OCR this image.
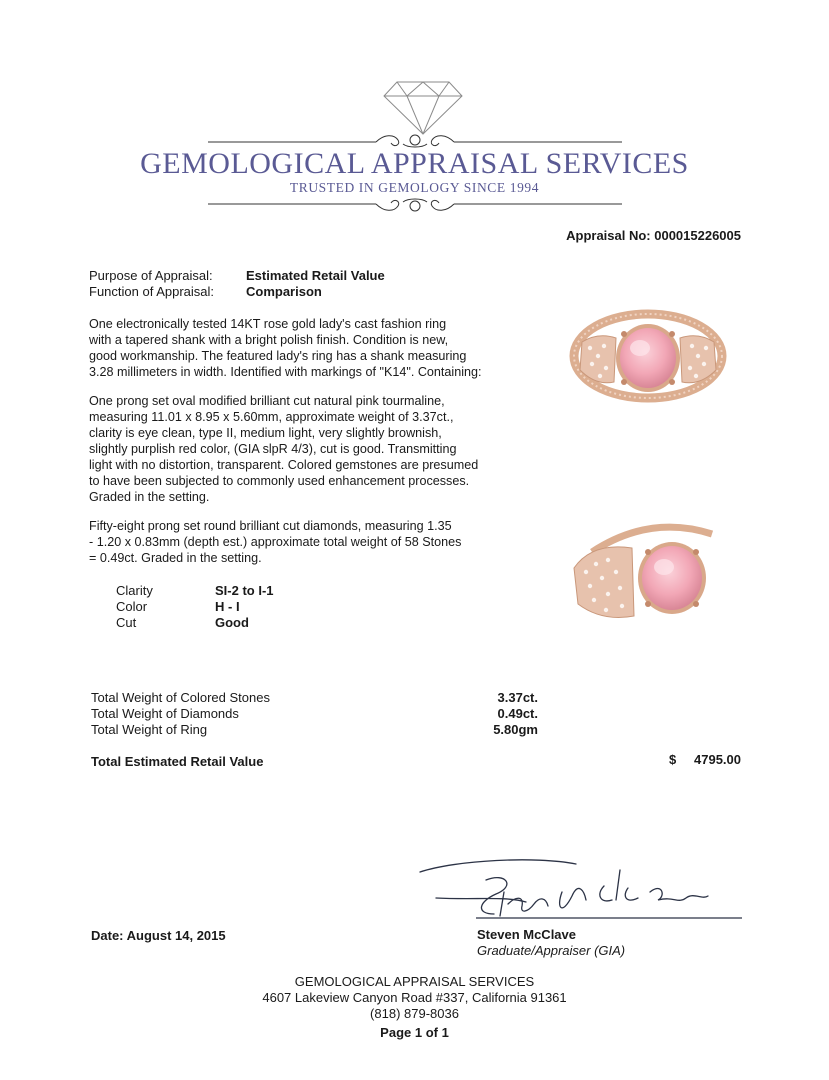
GEMOLOGICAL APPRAISAL SERVICES
TRUSTED IN GEMOLOGY SINCE 1994
Appraisal No: 000015226005
Purpose of Appraisal:	Estimated Retail Value
Function of Appraisal: Comparison
One electronically tested 14KT rose gold lady's cast fashion ring
with a tapered shank with a bright polish finish. Condition is new,
good workmanship. The featured lady's ring has a shank measuring
3.28 millimeters in width. Identified with markings of "K14". Containing:
One prong set oval modified brilliant cut natural pink tourmaline,
measuring 11.01 x 8.95 x 5.60mm, approximate weight of 3.37ct.,
clarity is eye clean, type II, medium light, very slightly brownish,
slightly purplish red color, (GIA slpR 4/3), cut is good. Transmitting
light with no distortion, transparent. Colored gemstones are presumed
to have been subjected to commonly used enhancement processes.
Graded in the setting.
Fifty-eight prong set round brilliant cut diamonds, measuring 1.35
- 1.20 x 0.83mm (depth est.) approximate total weight of 58 Stones
= 0.49ct. Graded in the setting.
Clarity	SI-2 to I-1
Color	H - I
Cut	Good
Total Weight of Colored Stones	3.37ct.
Total Weight of Diamonds	0.49ct.
Total Weight of Ring	5.80gm
Total Estimated Retail Value	$ 4795.00
Date: August 14, 2015	Steven McClave
Graduate/Appraiser (GIA)
GEMOLOGICAL APPRAISAL SERVICES
4607 Lakeview Canyon Road #337, California 91361
(818) 879-8036
Page 1 of 1
